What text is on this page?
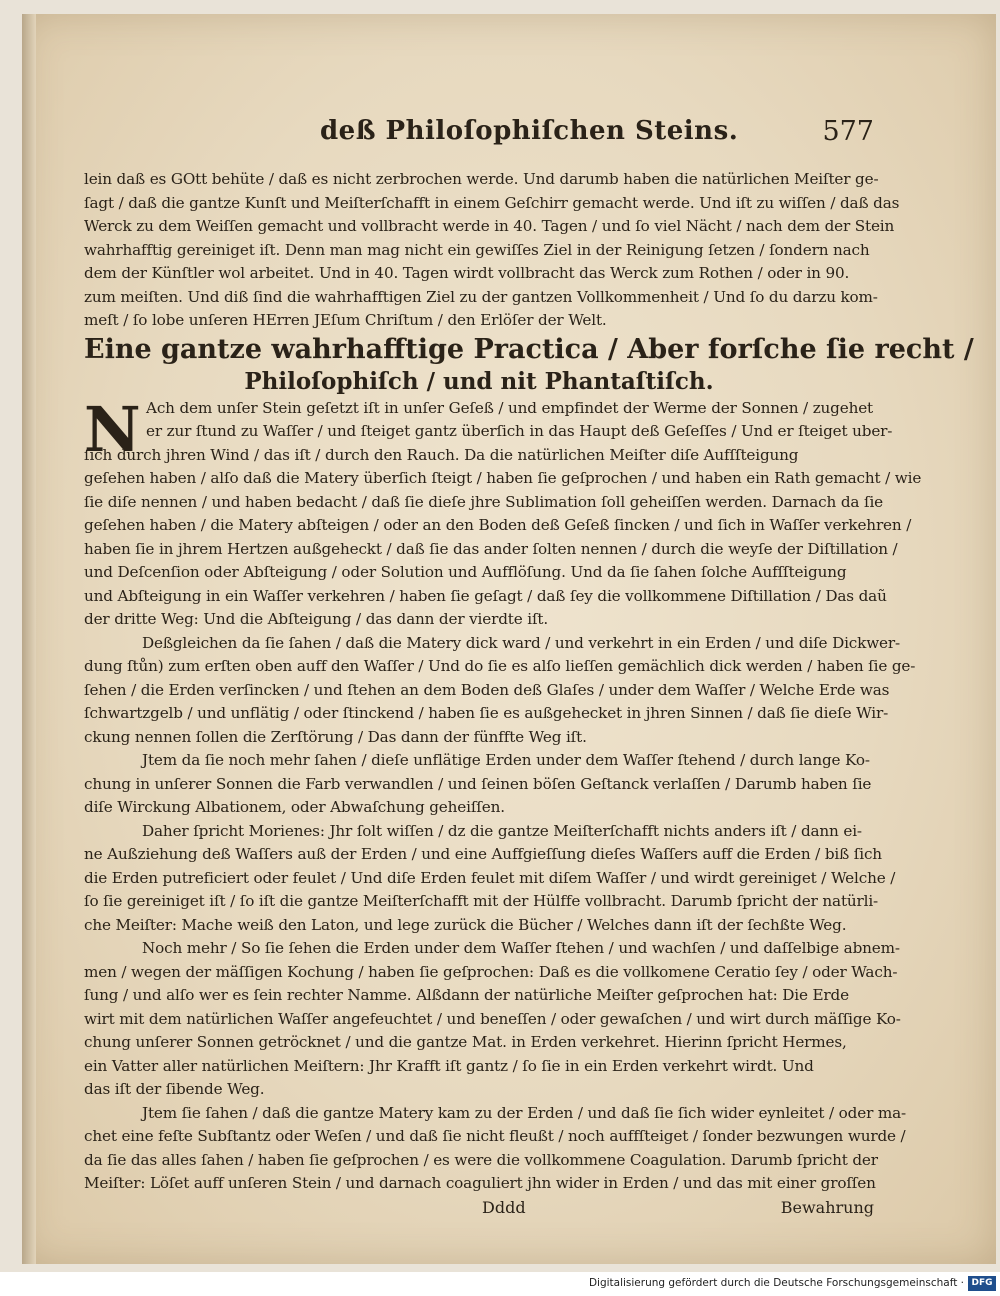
deß Philoſophiſchen Steins.	577
lein daß es GOtt behüte / daß es nicht zerbrochen werde. Und darumb haben die natürlichen Meiſter ge‑
ſagt / daß die gantze Kunſt und Meiſterſchafft in einem Geſchirr gemacht werde. Und iſt zu wiſſen / daß das
Werck zu dem Weiſſen gemacht und vollbracht werde in 40. Tagen / und ſo viel Nächt / nach dem der Stein
wahrhafftig gereiniget iſt. Denn man mag nicht ein gewiſſes Ziel in der Reinigung ſetzen / ſondern nach
dem der Künſtler wol arbeitet. Und in 40. Tagen wirdt vollbracht das Werck zum Rothen / oder in 90.
zum meiſten. Und diß ſind die wahrhafftigen Ziel zu der gantzen Vollkommenheit / Und ſo du darzu kom‑
meſt / ſo lobe unſeren HErren JEſum Chriſtum / den Erlöſer der Welt.
Eine gantze wahrhafftige Practica / Aber forſche ſie recht /
Philoſophiſch / und nit Phantaſtiſch.
N Ach dem unſer Stein geſetzt iſt in unſer Geſeß / und empfindet der Werme der Sonnen / zugehet
er zur ſtund zu Waſſer / und ſteiget gantz überſich in das Haupt deß Geſeſſes / Und er ſteiget uber‑
ſich durch jhren Wind / das iſt / durch den Rauch. Da die natürlichen Meiſter diſe Aufſſteigung
geſehen haben / alſo daß die Matery überſich ſteigt / haben ſie geſprochen / und haben ein Rath gemacht / wie
ſie diſe nennen / und haben bedacht / daß ſie dieſe jhre Sublimation ſoll geheiſſen werden. Darnach da ſie
geſehen haben / die Matery abſteigen / oder an den Boden deß Geſeß ſincken / und ſich in Waſſer verkehren /
haben ſie in jhrem Hertzen außgeheckt / daß ſie das ander ſolten nennen / durch die weyſe der Diſtillation /
und Deſcenſion oder Abſteigung / oder Solution und Aufflöſung. Und da ſie ſahen ſolche Aufſſteigung
und Abſteigung in ein Waſſer verkehren / haben ſie geſagt / daß ſey die vollkommene Diſtillation / Das daũ
der dritte Weg: Und die Abſteigung / das dann der vierdte iſt.
Deßgleichen da ſie ſahen / daß die Matery dick ward / und verkehrt in ein Erden / und diſe Dickwer‑
dung ſtůn) zum erſten oben auff den Waſſer / Und do ſie es alſo lieſſen gemächlich dick werden / haben ſie ge‑
ſehen / die Erden verſincken / und ſtehen an dem Boden deß Glaſes / under dem Waſſer / Welche Erde was
ſchwartzgelb / und unflätig / oder ſtinckend / haben ſie es außgehecket in jhren Sinnen / daß ſie dieſe Wir‑
ckung nennen ſollen die Zerſtörung / Das dann der fünffte Weg iſt.
Jtem da ſie noch mehr ſahen / dieſe unflätige Erden under dem Waſſer ſtehend / durch lange Ko‑
chung in unſerer Sonnen die Farb verwandlen / und ſeinen böſen Geſtanck verlaſſen / Darumb haben ſie
diſe Wirckung Albationem, oder Abwaſchung geheiſſen.
Daher ſpricht Morienes: Jhr ſolt wiſſen / dz die gantze Meiſterſchafft nichts anders iſt / dann ei‑
ne Außziehung deß Waſſers auß der Erden / und eine Auffgieſſung dieſes Waſſers auff die Erden / biß ſich
die Erden putreficiert oder feulet / Und diſe Erden feulet mit diſem Waſſer / und wirdt gereiniget / Welche /
ſo ſie gereiniget iſt / ſo iſt die gantze Meiſterſchafft mit der Hülffe vollbracht. Darumb ſpricht der natürli‑
che Meiſter: Mache weiß den Laton, und lege zurück die Bücher / Welches dann iſt der ſechßte Weg.
Noch mehr / So ſie ſehen die Erden under dem Waſſer ſtehen / und wachſen / und daſſelbige abnem‑
men / wegen der mäſſigen Kochung / haben ſie geſprochen: Daß es die vollkomene Ceratio ſey / oder Wach‑
ſung / und alſo wer es ſein rechter Namme. Alßdann der natürliche Meiſter geſprochen hat: Die Erde
wirt mit dem natürlichen Waſſer angefeuchtet / und beneſſen / oder gewaſchen / und wirt durch mäſſige Ko‑
chung unſerer Sonnen getröcknet / und die gantze Mat. in Erden verkehret. Hierinn ſpricht Hermes,
ein Vatter aller natürlichen Meiſtern: Jhr Krafft iſt gantz / ſo ſie in ein Erden verkehrt wirdt. Und
das iſt der ſibende Weg.
Jtem ſie ſahen / daß die gantze Matery kam zu der Erden / und daß ſie ſich wider eynleitet / oder ma‑
chet eine feſte Subſtantz oder Weſen / und daß ſie nicht fleußt / noch auffſteiget / ſonder bezwungen wurde /
da ſie das alles ſahen / haben ſie geſprochen / es were die vollkommene Coagulation. Darumb ſpricht der
Meiſter: Löſet auff unſeren Stein / und darnach coaguliert jhn wider in Erden / und das mit einer groſſen
Dddd	Bewahrung
Digitalisierung gefördert durch die Deutsche Forschungsgemeinschaft · DFG
